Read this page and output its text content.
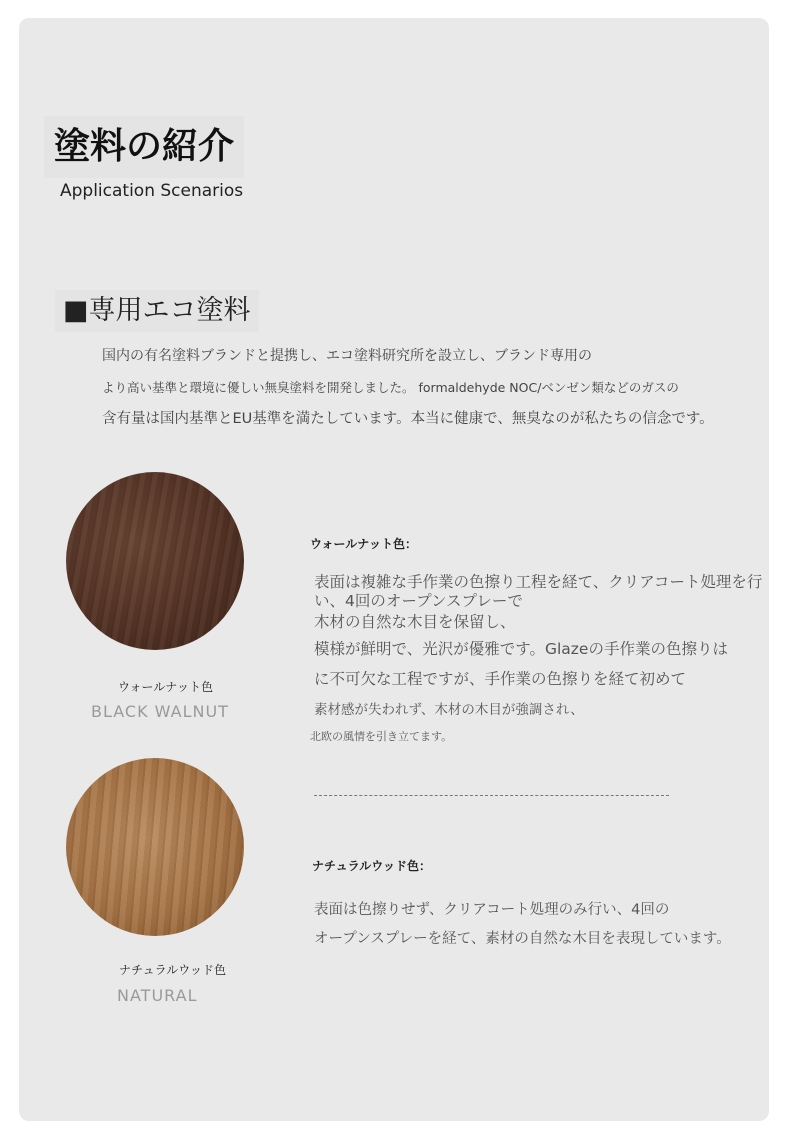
塗料の紹介
Application Scenarios
■専用エコ塗料
国内の有名塗料ブランドと提携し、エコ塗料研究所を設立し、ブランド専用の
より高い基準と環境に優しい無臭塗料を開発しました。 formaldehyde NOC/ベンゼン類などのガスの
含有量は国内基準とEU基準を満たしています。本当に健康で、無臭なのが私たちの信念です。
ウォールナット色
BLACK WALNUT
ウォールナット色：
表面は複雑な手作業の色擦り工程を経て、クリアコート処理を行
い、4回のオープンスプレーで
木材の自然な木目を保留し、
模様が鮮明で、光沢が優雅です。Glazeの手作業の色擦りは
に不可欠な工程ですが、手作業の色擦りを経て初めて
素材感が失われず、木材の木目が強調され、
北欧の風情を引き立てます。
ナチュラルウッド色
NATURAL
ナチュラルウッド色：
表面は色擦りせず、クリアコート処理のみ行い、4回の
オープンスプレーを経て、素材の自然な木目を表現しています。
